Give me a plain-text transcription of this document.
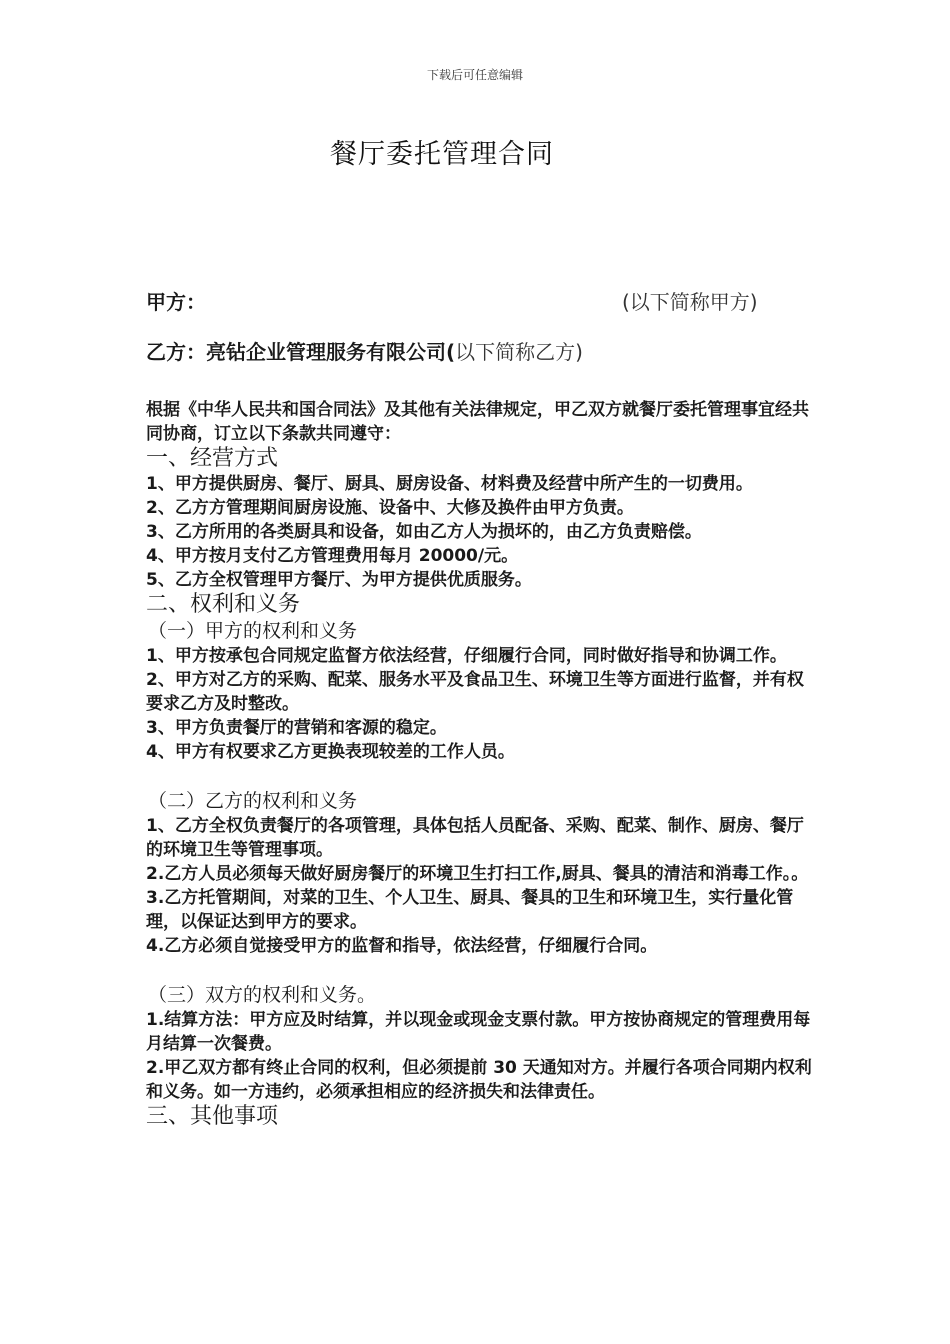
下载后可任意编辑
餐厅委托管理合同
甲方：	(以下简称甲方)
乙方：亮钻企业管理服务有限公司(以下简称乙方)

根据《中华人民共和国合同法》及其他有关法律规定，甲乙双方就餐厅委托管理事宜经共同协商，订立以下条款共同遵守：

一、经营方式

1、甲方提供厨房、餐厅、厨具、厨房设备、材料费及经营中所产生的一切费用。

2、乙方方管理期间厨房设施、设备中、大修及换件由甲方负责。

3、乙方所用的各类厨具和设备，如由乙方人为损坏的，由乙方负责赔偿。

4、甲方按月支付乙方管理费用每月 20000/元。

5、乙方全权管理甲方餐厅、为甲方提供优质服务。

二、权利和义务

（一）甲方的权利和义务

1、甲方按承包合同规定监督方依法经营，仔细履行合同，同时做好指导和协调工作。

2、甲方对乙方的采购、配菜、服务水平及食品卫生、环境卫生等方面进行监督，并有权要求乙方及时整改。

3、甲方负责餐厅的营销和客源的稳定。

4、甲方有权要求乙方更换表现较差的工作人员。

（二）乙方的权利和义务

1、乙方全权负责餐厅的各项管理，具体包括人员配备、采购、配菜、制作、厨房、餐厅的环境卫生等管理事项。

2.乙方人员必须每天做好厨房餐厅的环境卫生打扫工作,厨具、餐具的清洁和消毒工作。。

3.乙方托管期间，对菜的卫生、个人卫生、厨具、餐具的卫生和环境卫生，实行量化管理，以保证达到甲方的要求。

4.乙方必须自觉接受甲方的监督和指导，依法经营，仔细履行合同。

（三）双方的权利和义务。

1.结算方法：甲方应及时结算，并以现金或现金支票付款。甲方按协商规定的管理费用每月结算一次餐费。

2.甲乙双方都有终止合同的权利，但必须提前 30 天通知对方。并履行各项合同期内权利和义务。如一方违约，必须承担相应的经济损失和法律责任。

三、其他事项
